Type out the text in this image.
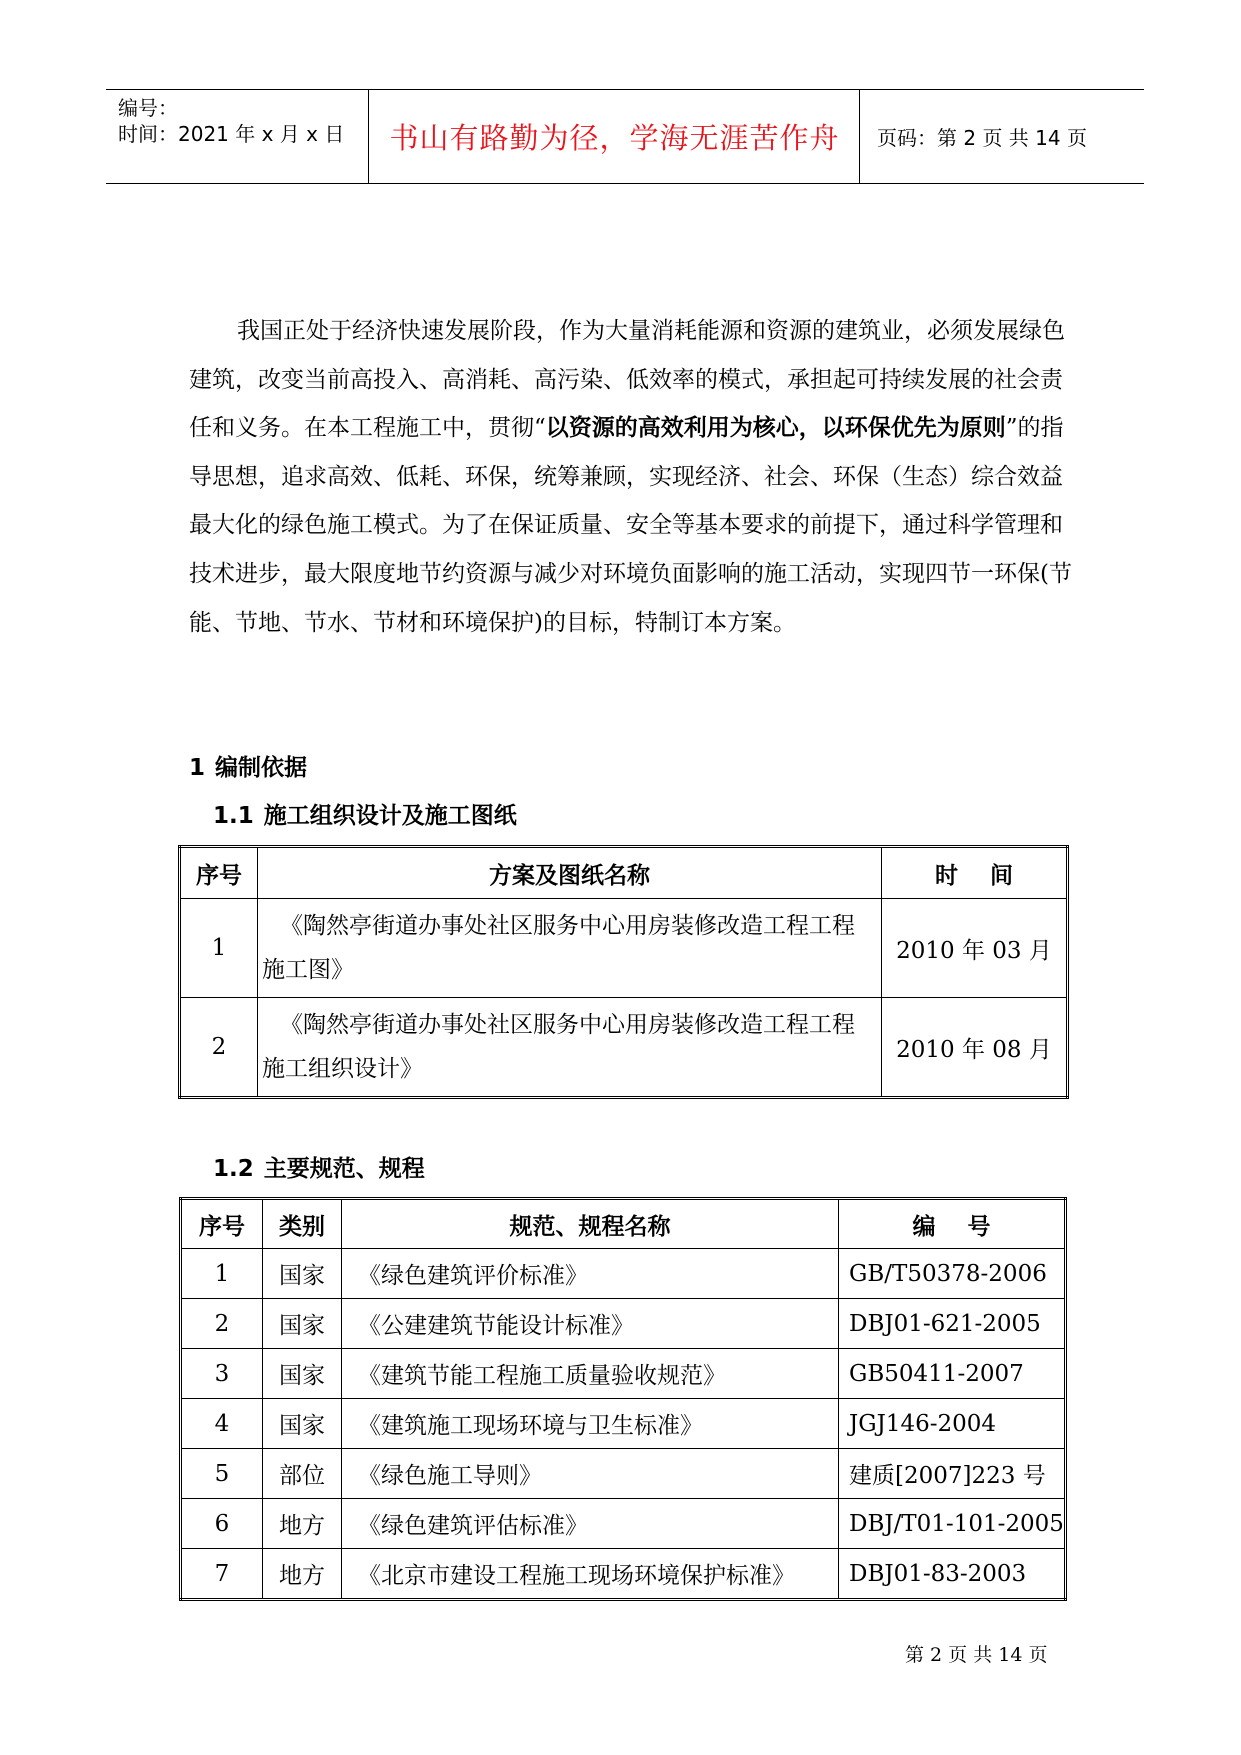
编号：
时间：2021 年 x 月 x 日 书山有路勤为径，学海无涯苦作舟 页码：第 2 页 共 14 页
我国正处于经济快速发展阶段，作为大量消耗能源和资源的建筑业，必须发展绿色建筑，改变当前高投入、高消耗、高污染、低效率的模式，承担起可持续发展的社会责任和义务。在本工程施工中，贯彻“以资源的高效利用为核心，以环保优先为原则”的指导思想，追求高效、低耗、环保，统筹兼顾，实现经济、社会、环保（生态）综合效益最大化的绿色施工模式。为了在保证质量、安全等基本要求的前提下，通过科学管理和技术进步，最大限度地节约资源与减少对环境负面影响的施工活动，实现四节一环保(节能、节地、节水、节材和环境保护)的目标，特制订本方案。
1 编制依据
1.1 施工组织设计及施工图纸
序号	方案及图纸名称	时    间
1	《陶然亭街道办事处社区服务中心用房装修改造工程工程施工图》	2010 年 03 月
2	《陶然亭街道办事处社区服务中心用房装修改造工程工程施工组织设计》	2010 年 08 月
1.2 主要规范、规程
序号	类别	规范、规程名称	编    号
1	国家	《绿色建筑评价标准》	GB/T50378-2006
2	国家	《公建建筑节能设计标准》	DBJ01-621-2005
3	国家	《建筑节能工程施工质量验收规范》	GB50411-2007
4	国家	《建筑施工现场环境与卫生标准》	JGJ146-2004
5	部位	《绿色施工导则》	建质[2007]223 号
6	地方	《绿色建筑评估标准》	DBJ/T01-101-2005
7	地方	《北京市建设工程施工现场环境保护标准》	DBJ01-83-2003
第 2 页 共 14 页
